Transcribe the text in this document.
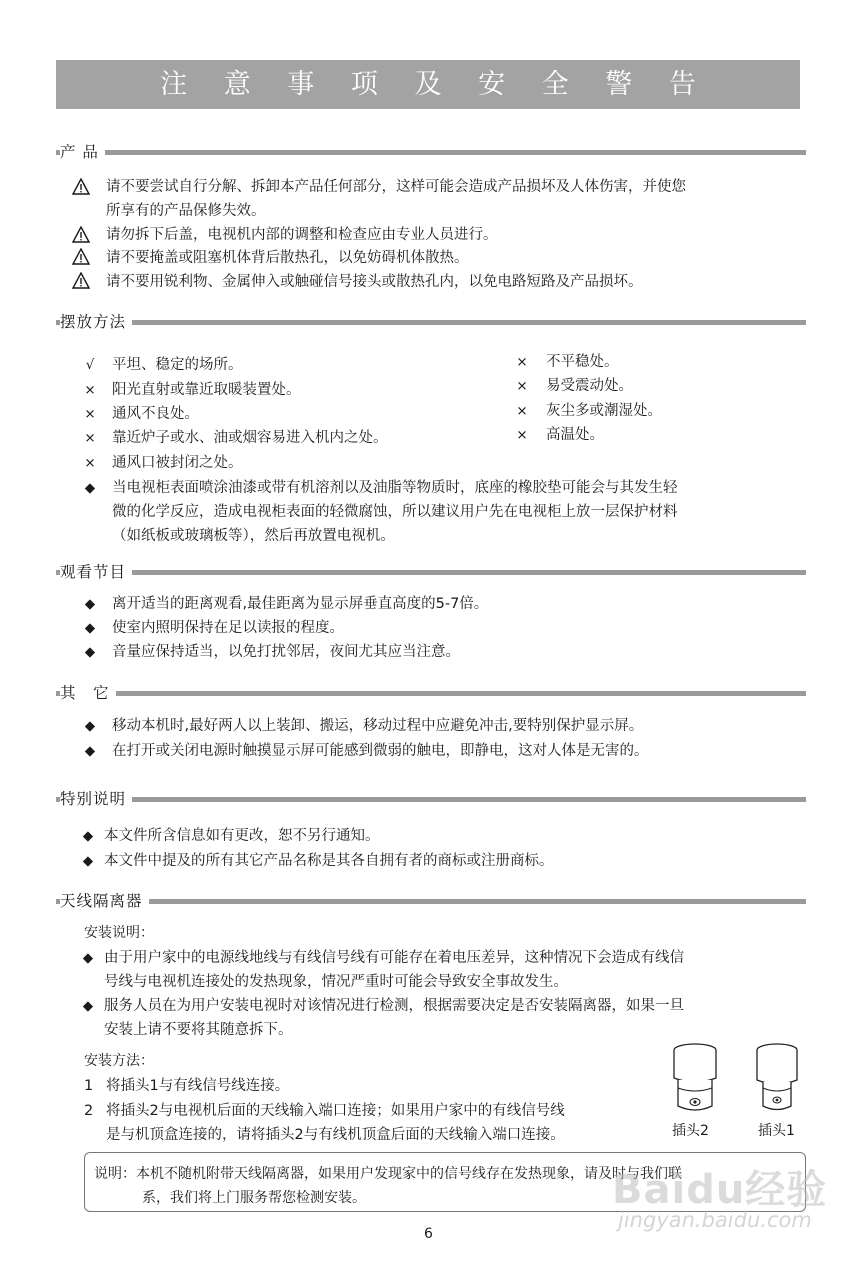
注 意 事 项 及 安 全 警 告
产 品
请不要尝试自行分解、拆卸本产品任何部分，这样可能会造成产品损坏及人体伤害，并使您
所享有的产品保修失效。
请勿拆下后盖，电视机内部的调整和检查应由专业人员进行。
请不要掩盖或阻塞机体背后散热孔，以免妨碍机体散热。
请不要用锐利物、金属伸入或触碰信号接头或散热孔内，以免电路短路及产品损坏。
摆放方法
√	平坦、稳定的场所。
× 阳光直射或靠近取暖装置处。
× 通风不良处。
× 靠近炉子或水、油或烟容易进入机内之处。
× 通风口被封闭之处。
× 不平稳处。
× 易受震动处。
× 灰尘多或潮湿处。
× 高温处。
◆	当电视柜表面喷涂油漆或带有机溶剂以及油脂等物质时，底座的橡胶垫可能会与其发生轻
微的化学反应，造成电视柜表面的轻微腐蚀，所以建议用户先在电视柜上放一层保护材料
（如纸板或玻璃板等），然后再放置电视机。
观看节目
◆	离开适当的距离观看,最佳距离为显示屏垂直高度的5-7倍。
◆	使室内照明保持在足以读报的程度。
◆	音量应保持适当，以免打扰邻居，夜间尤其应当注意。
其　它
◆	移动本机时,最好两人以上装卸、搬运，移动过程中应避免冲击,要特别保护显示屏。
◆	在打开或关闭电源时触摸显示屏可能感到微弱的触电，即静电，这对人体是无害的。
特别说明
◆ 本文件所含信息如有更改，恕不另行通知。
◆ 本文件中提及的所有其它产品名称是其各自拥有者的商标或注册商标。
天线隔离器
安装说明：
◆ 由于用户家中的电源线地线与有线信号线有可能存在着电压差异，这种情况下会造成有线信
号线与电视机连接处的发热现象，情况严重时可能会导致安全事故发生。
◆ 服务人员在为用户安装电视时对该情况进行检测，根据需要决定是否安装隔离器，如果一旦
安装上请不要将其随意拆下。
安装方法：
1 将插头1与有线信号线连接。
2 将插头2与电视机后面的天线输入端口连接；如果用户家中的有线信号线
是与机顶盒连接的，请将插头2与有线机顶盒后面的天线输入端口连接。	插头2	插头1
说明：本机不随机附带天线隔离器，如果用户发现家中的信号线存在发热现象，请及时与我们联
系，我们将上门服务帮您检测安装。	Baidu经验
jingyan.baidu.com
6
